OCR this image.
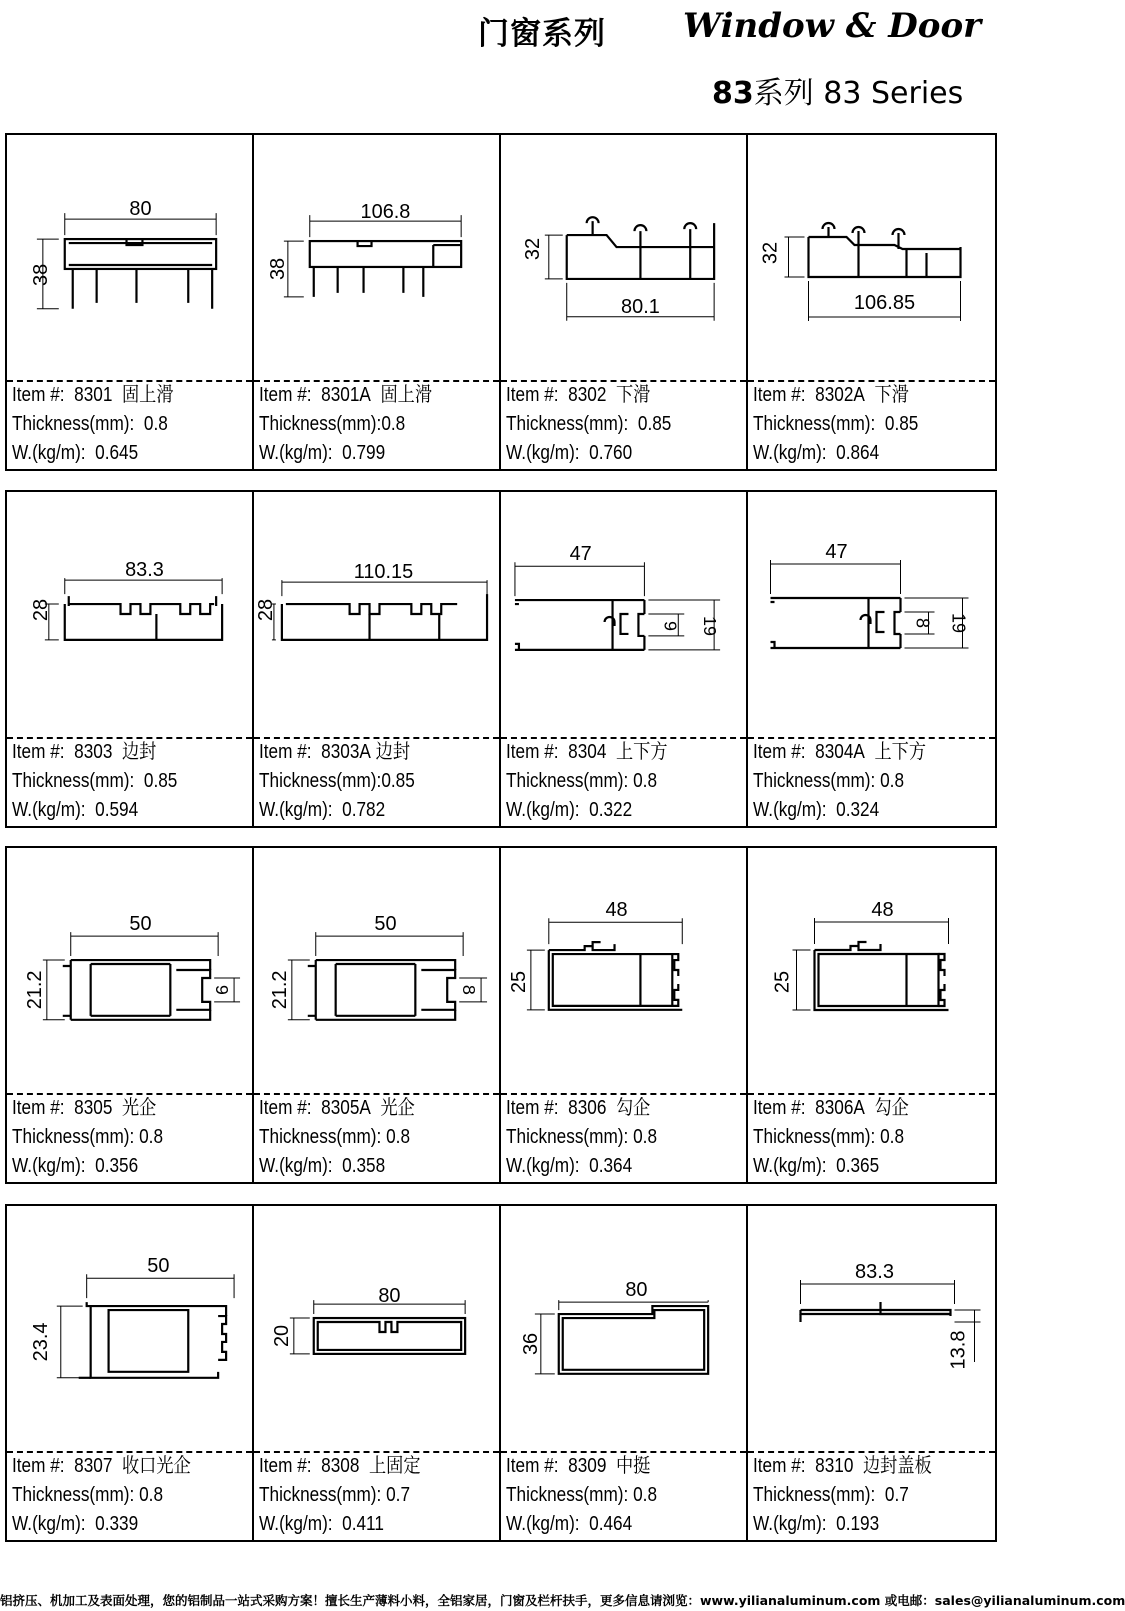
门窗系列 Window & Door
83系列 83 Series
80
38
Item #: 8301 固上滑
Thickness(mm): 0.8
W.(kg/m): 0.645
106.8
38
Item #: 8301A 固上滑
Thickness(mm):0.8
W.(kg/m): 0.799
32
80.1
Item #: 8302 下滑
Thickness(mm): 0.85
W.(kg/m): 0.760
32
106.85
Item #: 8302A 下滑
Thickness(mm): 0.85
W.(kg/m): 0.864
83.3
28
Item #: 8303 边封
Thickness(mm): 0.85
W.(kg/m): 0.594
110.15
28
Item #: 8303A 边封
Thickness(mm):0.85
W.(kg/m): 0.782
47
9 19
Item #: 8304 上下方
Thickness(mm): 0.8
W.(kg/m): 0.322
47
8 19
Item #: 8304A 上下方
Thickness(mm): 0.8
W.(kg/m): 0.324
50
21.2	9
Item #: 8305 光企
Thickness(mm): 0.8
W.(kg/m): 0.356
50
21.2	8
Item #: 8305A 光企
Thickness(mm): 0.8
W.(kg/m): 0.358
48
25
Item #: 8306 勾企
Thickness(mm): 0.8
W.(kg/m): 0.364
48
25
Item #: 8306A 勾企
Thickness(mm): 0.8
W.(kg/m): 0.365
50
23.4
Item #: 8307 收口光企
Thickness(mm): 0.8
W.(kg/m): 0.339
80
20
Item #: 8308 上固定
Thickness(mm): 0.7
W.(kg/m): 0.411
80
36
Item #: 8309 中挺
Thickness(mm): 0.8
W.(kg/m): 0.464
83.3
13.8
Item #: 8310 边封盖板
Thickness(mm): 0.7
W.(kg/m): 0.193
铝挤压、机加工及表面处理，您的铝制品一站式采购方案！擅长生产薄料小料，全铝家居，门窗及栏杆扶手，更多信息请浏览：www.yilianaluminum.com 或电邮：sales@yilianaluminum.com
